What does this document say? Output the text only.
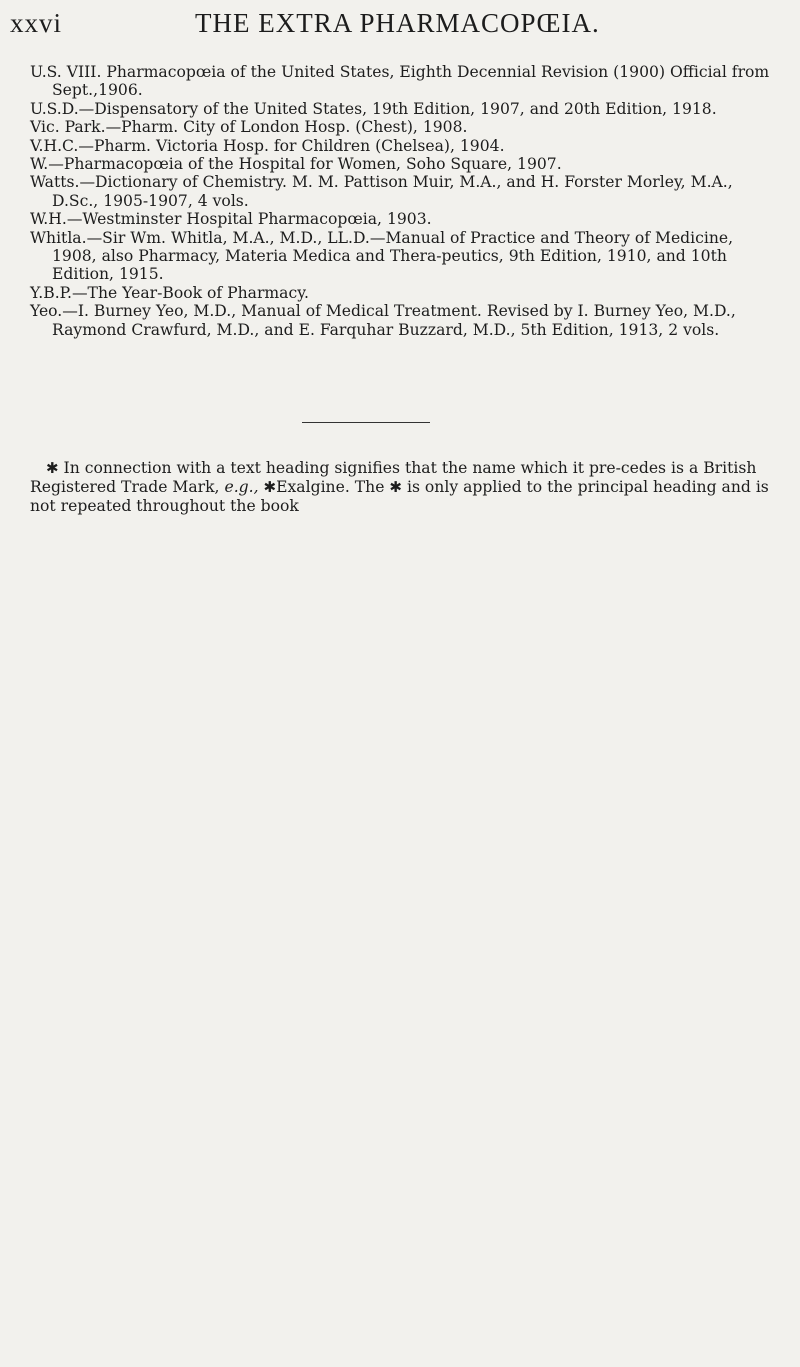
xxvi	THE EXTRA PHARMACOPŒIA.

U.S. VIII. Pharmacopœia of the United States, Eighth Decennial Revision (1900) Official from Sept.,1906.

U.S.D.—Dispensatory of the United States, 19th Edition, 1907, and 20th Edition, 1918.

Vic. Park.—Pharm. City of London Hosp. (Chest), 1908.

V.H.C.—Pharm. Victoria Hosp. for Children (Chelsea), 1904.

W.—Pharmacopœia of the Hospital for Women, Soho Square, 1907.

Watts.—Dictionary of Chemistry. M. M. Pattison Muir, M.A., and H. Forster Morley, M.A., D.Sc., 1905-1907, 4 vols.

W.H.—Westminster Hospital Pharmacopœia, 1903.

Whitla.—Sir Wm. Whitla, M.A., M.D., LL.D.—Manual of Practice and Theory of Medicine, 1908, also Pharmacy, Materia Medica and Thera-peutics, 9th Edition, 1910, and 10th Edition, 1915.

Y.B.P.—The Year-Book of Pharmacy.

Yeo.—I. Burney Yeo, M.D., Manual of Medical Treatment. Revised by I. Burney Yeo, M.D., Raymond Crawfurd, M.D., and E. Farquhar Buzzard, M.D., 5th Edition, 1913, 2 vols.

✱ In connection with a text heading signifies that the name which it pre-cedes is a British Registered Trade Mark, e.g., ✱Exalgine. The ✱ is only applied to the principal heading and is not repeated throughout the book
